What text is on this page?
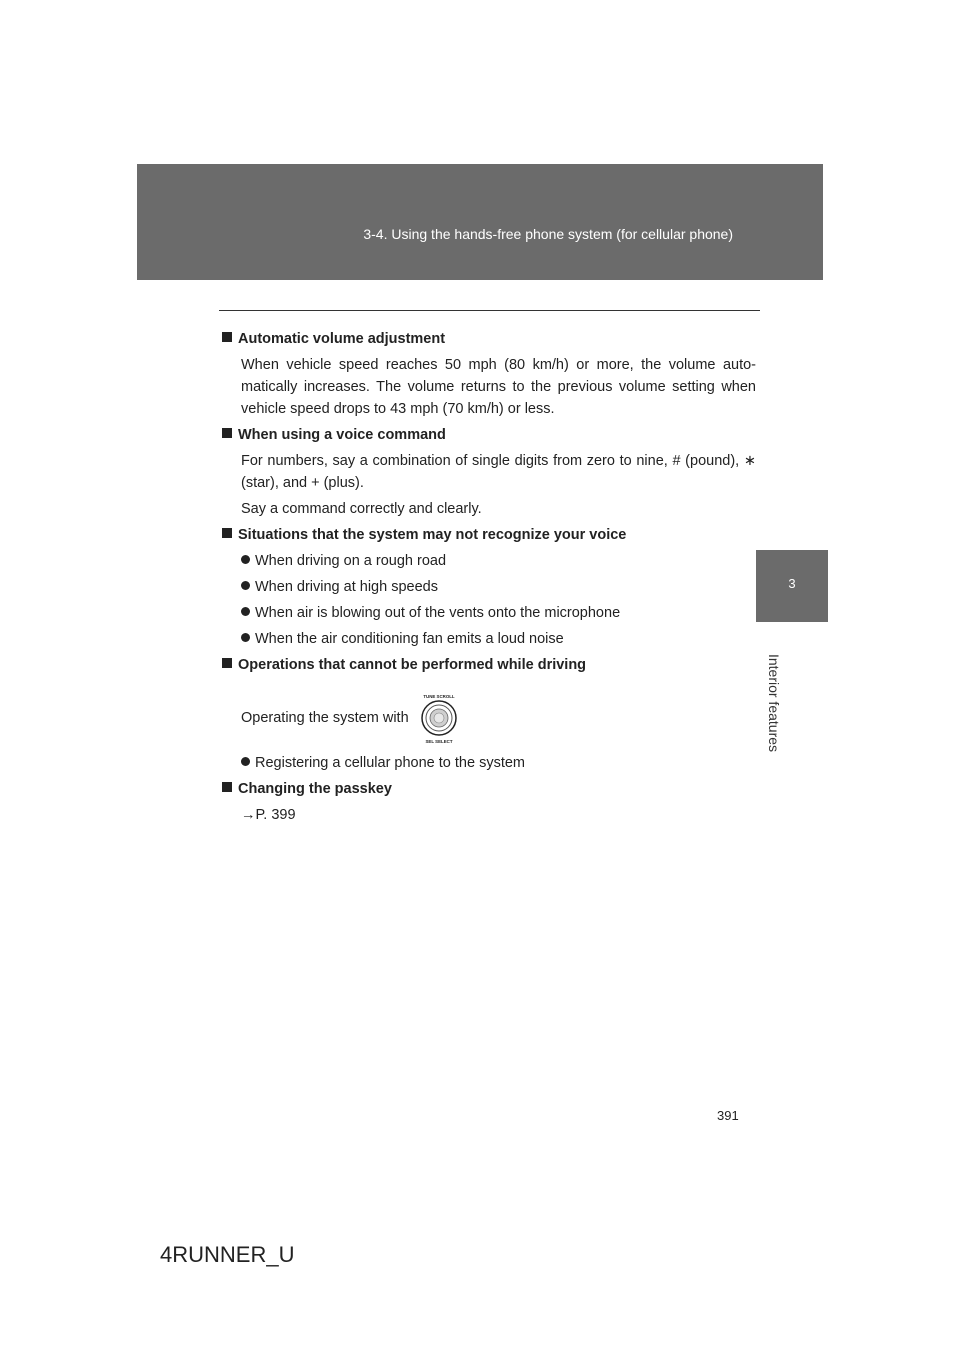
3-4. Using the hands-free phone system (for cellular phone)
3
Interior features

Automatic volume adjustment

When vehicle speed reaches 50 mph (80 km/h) or more, the volume auto-matically increases. The volume returns to the previous volume setting when vehicle speed drops to 43 mph (70 km/h) or less.

When using a voice command

For numbers, say a combination of single digits from zero to nine, # (pound), ∗ (star), and + (plus).

Say a command correctly and clearly.

Situations that the system may not recognize your voice

When driving on a rough road

When driving at high speeds

When air is blowing out of the vents onto the microphone

When the air conditioning fan emits a loud noise

Operations that cannot be performed while driving

Operating the system with
TUNE SCROLL
SEL SELECT

Registering a cellular phone to the system

Changing the passkey

→P. 399

391
4RUNNER_U
